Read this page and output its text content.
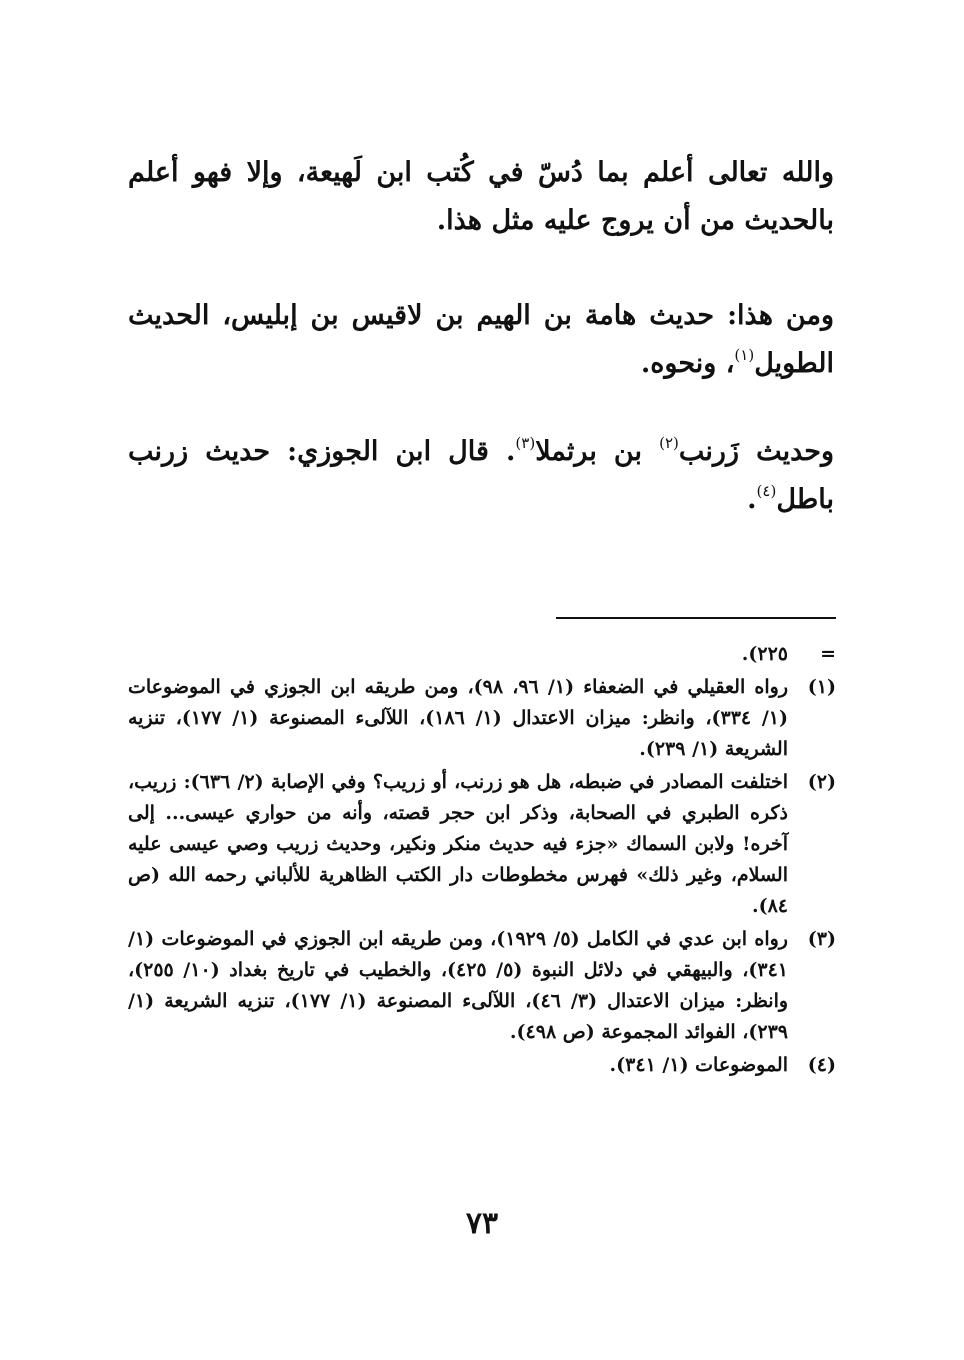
والله تعالى أعلم بما دُسّ في كُتب ابن لَهيعة، وإلا فهو أعلم بالحديث من أن يروج عليه مثل هذا.

ومن هذا: حديث هامة بن الهيم بن لاقيس بن إبليس، الحديث الطويل$^{(١)}$، ونحوه.

وحديث زَرنب$^{(٢)}$ بن برثملا$^{(٣)}$. قال ابن الجوزي: حديث زرنب باطل$^{(٤)}$.

=
٢٢٥).
(١)
رواه العقيلي في الضعفاء (١/ ٩٦، ٩٨)، ومن طريقه ابن الجوزي في الموضوعات (١/ ٣٣٤)، وانظر: ميزان الاعتدال (١/ ١٨٦)، اللآلىء المصنوعة (١/ ١٧٧)، تنزيه الشريعة (١/ ٢٣٩).
(٢)
اختلفت المصادر في ضبطه، هل هو زرنب، أو زريب؟ وفي الإصابة (٢/ ٦٣٦): زريب، ذكره الطبري في الصحابة، وذكر ابن حجر قصته، وأنه من حواري عيسى... إلى آخره! ولابن السماك «جزء فيه حديث منكر ونكير، وحديث زريب وصي عيسى عليه السلام، وغير ذلك» فهرس مخطوطات دار الكتب الظاهرية للألباني رحمه الله (ص ٨٤).
(٣)
رواه ابن عدي في الكامل (٥/ ١٩٢٩)، ومن طريقه ابن الجوزي في الموضوعات (١/ ٣٤١)، والبيهقي في دلائل النبوة (٥/ ٤٢٥)، والخطيب في تاريخ بغداد (١٠/ ٢٥٥)، وانظر: ميزان الاعتدال (٣/ ٤٦)، اللآلىء المصنوعة (١/ ١٧٧)، تنزيه الشريعة (١/ ٢٣٩)، الفوائد المجموعة (ص ٤٩٨).
(٤)
الموضوعات (١/ ٣٤١).
٧٣
